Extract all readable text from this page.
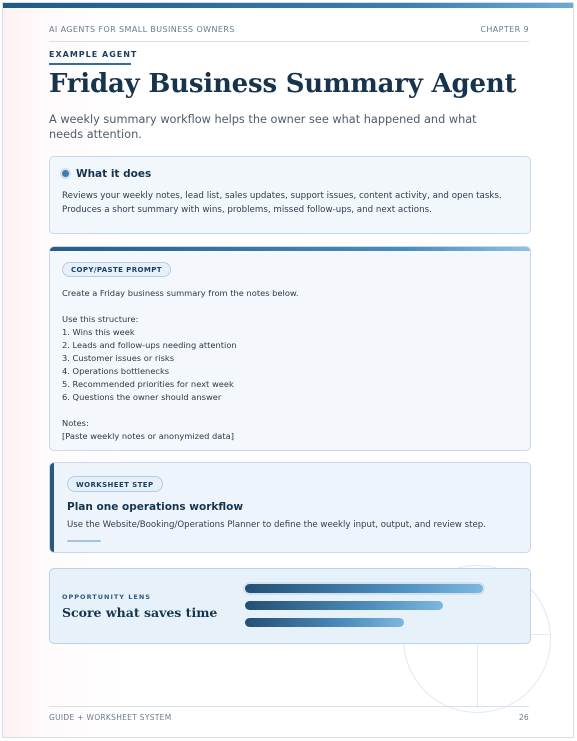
AI AGENTS FOR SMALL BUSINESS OWNERS	CHAPTER 9
EXAMPLE AGENT
Friday Business Summary Agent
A weekly summary workflow helps the owner see what happened and what needs attention.
What it does
Reviews your weekly notes, lead list, sales updates, support issues, content activity, and open tasks. Produces a short summary with wins, problems, missed follow-ups, and next actions.
COPY/PASTE PROMPT
Create a Friday business summary from the notes below.
Use this structure:
1. Wins this week
2. Leads and follow-ups needing attention
3. Customer issues or risks
4. Operations bottlenecks
5. Recommended priorities for next week
6. Questions the owner should answer
Notes:
[Paste weekly notes or anonymized data]
WORKSHEET STEP
Plan one operations workflow
Use the Website/Booking/Operations Planner to define the weekly input, output, and review step.
OPPORTUNITY LENS
Score what saves time
GUIDE + WORKSHEET SYSTEM	26
